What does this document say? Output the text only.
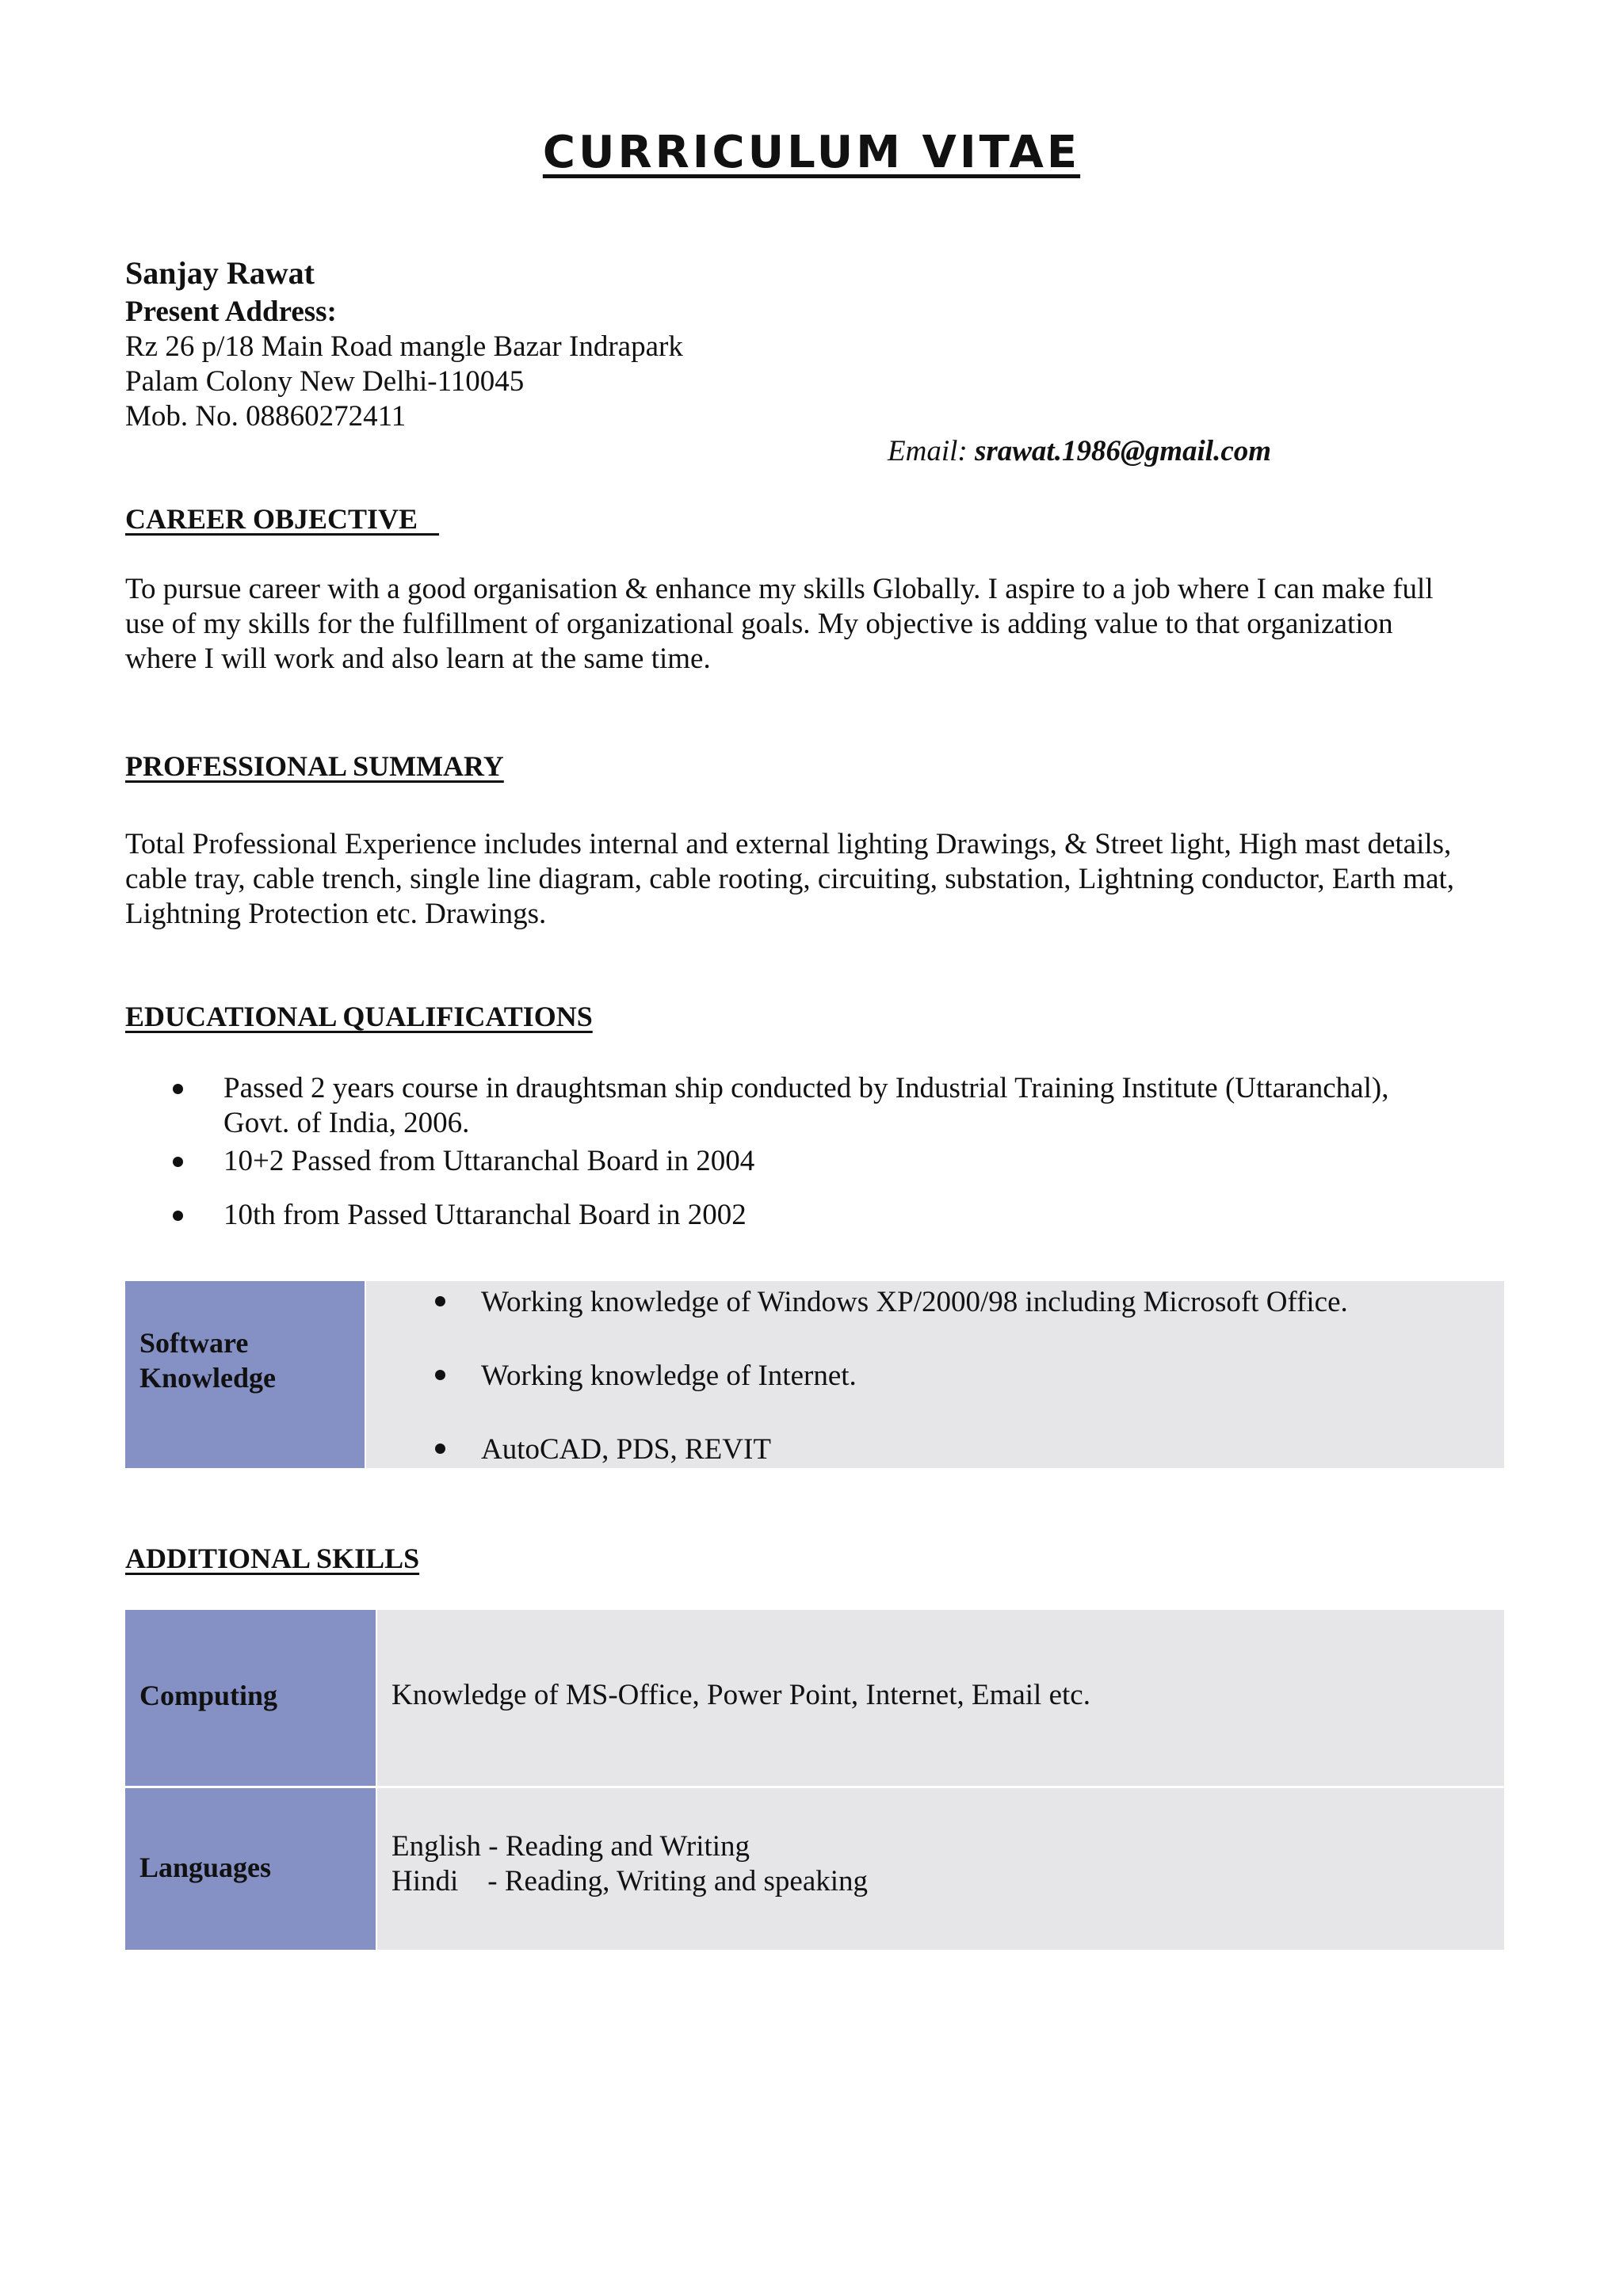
CURRICULUM VITAE
Sanjay Rawat
Present Address:
Rz 26 p/18 Main Road mangle Bazar Indrapark
Palam Colony New Delhi-110045
Mob. No. 08860272411
Email: srawat.1986@gmail.com
CAREER OBJECTIVE
To pursue career with a good organisation & enhance my skills Globally. I aspire to a job where I can make full
use of my skills for the fulfillment of organizational goals. My objective is adding value to that organization
where I will work and also learn at the same time.
PROFESSIONAL SUMMARY
Total Professional Experience includes internal and external lighting Drawings, & Street light, High mast details,
cable tray, cable trench, single line diagram, cable rooting, circuiting, substation, Lightning conductor, Earth mat,
Lightning Protection etc. Drawings.
EDUCATIONAL QUALIFICATIONS
Passed 2 years course in draughtsman ship conducted by Industrial Training Institute (Uttaranchal),
Govt. of India, 2006.
10+2 Passed from Uttaranchal Board in 2004
10th from Passed Uttaranchal Board in 2002
Software
Knowledge
Working knowledge of Windows XP/2000/98 including Microsoft Office.
Working knowledge of Internet.
AutoCAD, PDS, REVIT
ADDITIONAL SKILLS
Computing	Knowledge of MS-Office, Power Point, Internet, Email etc.
Languages
English - Reading and Writing
Hindi    - Reading, Writing and speaking
